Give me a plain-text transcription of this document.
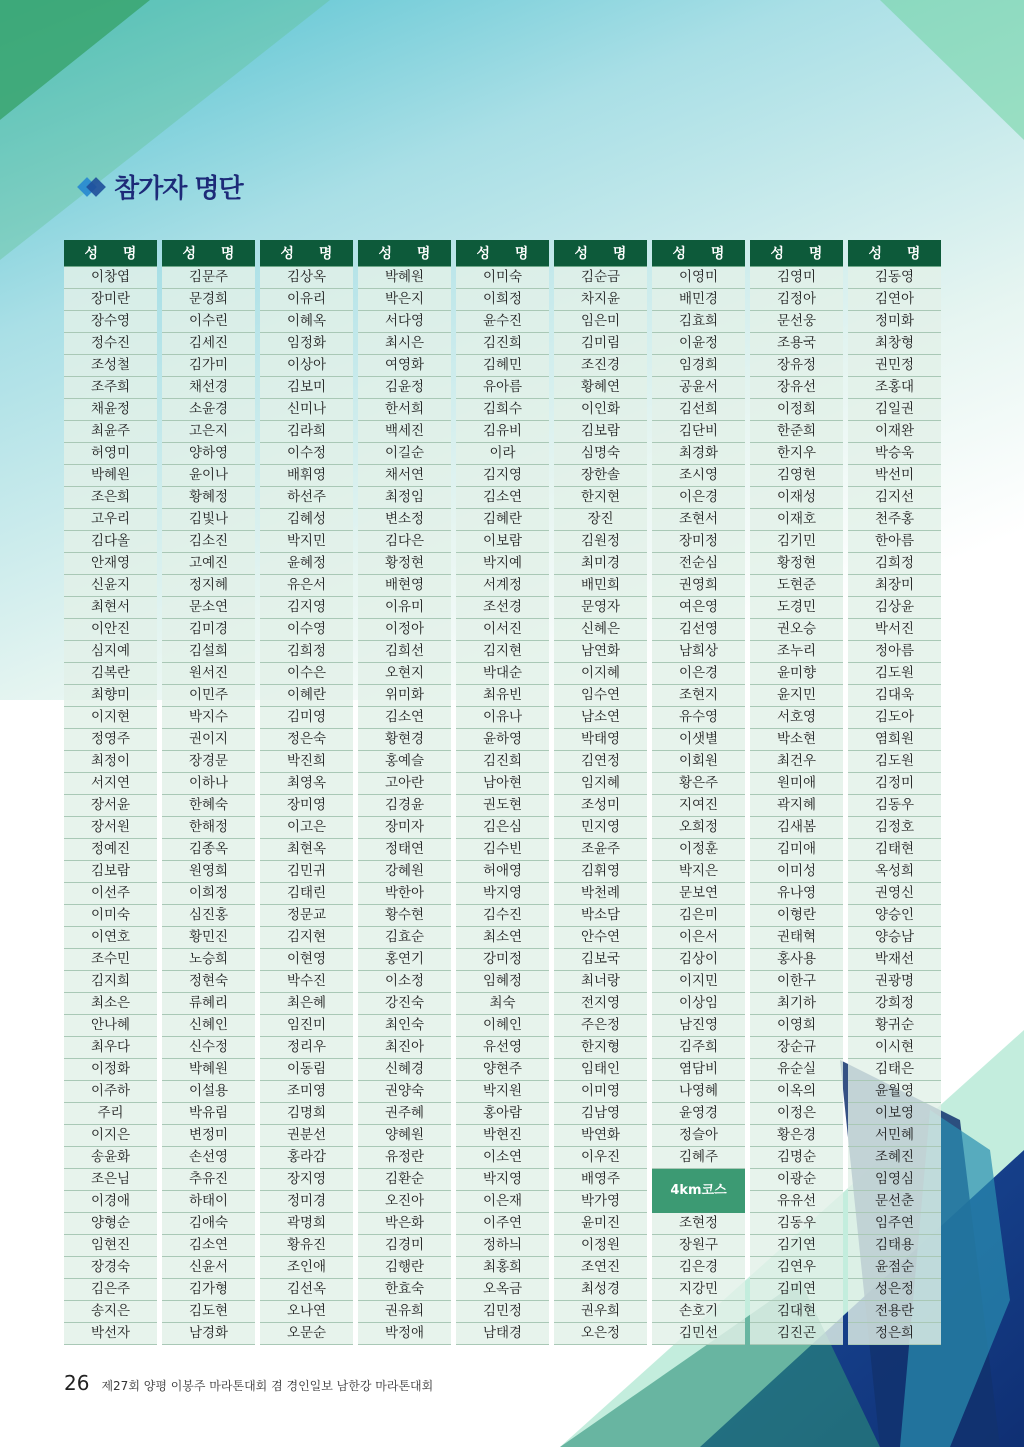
참가자 명단
성 명	성 명	성 명	성 명	성 명	성 명	성 명	성 명	성 명
이창엽	김문주	김상옥	박혜원	이미숙	김순금	이영미	김영미	김동영
장미란	문경희	이유리	박은지	이희정	차지윤	배민경	김정아	김연아
장수영	이수린	이혜옥	서다영	윤수진	임은미	김효희	문선웅	정미화
정수진	김세진	임정화	최시은	김진희	김미림	이윤정	조용국	최창형
조성철	김가미	이상아	여영화	김혜민	조진경	임경희	장유정	권민정
조주희	채선경	김보미	김윤정	유아름	황혜연	공윤서	장유선	조홍대
채윤정	소윤경	신미나	한서희	김희수	이인화	김선희	이정희	김일권
최윤주	고은지	김라희	백세진	김유비	김보람	김단비	한준희	이재완
허영미	양하영	이수정	이길순	이라	심명숙	최경화	한지우	박승욱
박혜원	윤이나	배휘영	채서연	김지영	장한솔	조시영	김영현	박선미
조은희	황혜정	하선주	최정임	김소연	한지현	이은경	이재성	김지선
고우리	김빛나	김혜성	변소정	김혜란	장진	조현서	이재호	천주홍
김다올	김소진	박지민	김다은	이보람	김원정	장미정	김기민	한아름
안재영	고예진	윤혜정	황정현	박지예	최미경	전순심	황정현	김희정
신윤지	정지혜	유은서	배현영	서계정	배민희	권영희	도현준	최장미
최현서	문소연	김지영	이유미	조선경	문영자	여은영	도경민	김상윤
이안진	김미경	이수영	이정아	이서진	신혜은	김선영	권오승	박서진
심지예	김설희	김희정	김희선	김지현	남연화	남희상	조누리	정아름
김복란	원서진	이수은	오현지	박대순	이지혜	이은경	윤미향	김도원
최향미	이민주	이혜란	위미화	최유빈	임수연	조현지	윤지민	김대욱
이지현	박지수	김미영	김소연	이유나	남소연	유수영	서호영	김도아
정영주	권이지	정은숙	황현경	윤하영	박태영	이샛별	박소현	염희원
최정이	장경문	박진희	홍예슬	김진희	김연정	이회원	최건우	김도원
서지연	이하나	최영옥	고아란	남아현	임지혜	황은주	원미애	김정미
장서윤	한혜숙	장미영	김경윤	권도현	조성미	지여진	곽지혜	김동우
장서원	한해정	이고은	장미자	김은심	민지영	오희정	김새봄	김정호
정예진	김종옥	최현옥	정태연	김수빈	조윤주	이정훈	김미애	김태현
김보람	원영희	김민귀	강혜원	허애영	김휘영	박지은	이미성	옥성희
이선주	이희정	김태린	박한아	박지영	박천례	문보연	유나영	권영신
이미숙	심진홍	정문교	황수현	김수진	박소담	김은미	이형란	양승인
이연호	황민진	김지현	김효순	최소연	안수연	이은서	권태혁	양승남
조수민	노승희	이현영	홍연기	강미정	김보국	김상이	홍사용	박재선
김지희	정현숙	박수진	이소정	임혜정	최너랑	이지민	이한구	권광명
최소은	류혜리	최은혜	강진숙	최숙	전지영	이상임	최기하	강희정
안나혜	신혜인	임진미	최인숙	이혜인	주은정	남진영	이영희	황귀순
최우다	신수정	정리우	최진아	유선영	한지형	김주희	장순규	이시현
이정화	박혜원	이동림	신혜경	양현주	임태인	염담비	유순실	김태은
이주하	이설용	조미영	권양숙	박지원	이미영	나영혜	이옥의	윤월영
주리	박유림	김명희	권주혜	홍아람	김남영	윤영경	이정은	이보영
이지은	변정미	권분선	양혜원	박현진	박연화	정슬아	황은경	서민혜
송윤화	손선영	홍라감	유정란	이소연	이우진	김혜주	김명순	조혜진
조은님	추유진	장지영	김환순	박지영	배영주	4km코스	이광순	임영심
이경애	하태이	정미경	오진아	이은재	박가영		유유선	문선춘
양형순	김애숙	곽명희	박은화	이주연	윤미진	조현정	김동우	임주연
임현진	김소연	황유진	김경미	정하늬	이정원	장원구	김기연	김태용
장경숙	신윤서	조인애	김행란	최홍희	조연진	김은경	김연우	윤점순
김은주	김가형	김선옥	한효숙	오옥금	최성경	지강민	김미연	성은정
송지은	김도현	오나연	권유희	김민정	권우희	손호기	김대현	전용란
박선자	남경화	오문순	박정애	남태경	오은정	김민선	김진곤	정은희
26 제27회 양평 이봉주 마라톤대회 겸 경인일보 남한강 마라톤대회
